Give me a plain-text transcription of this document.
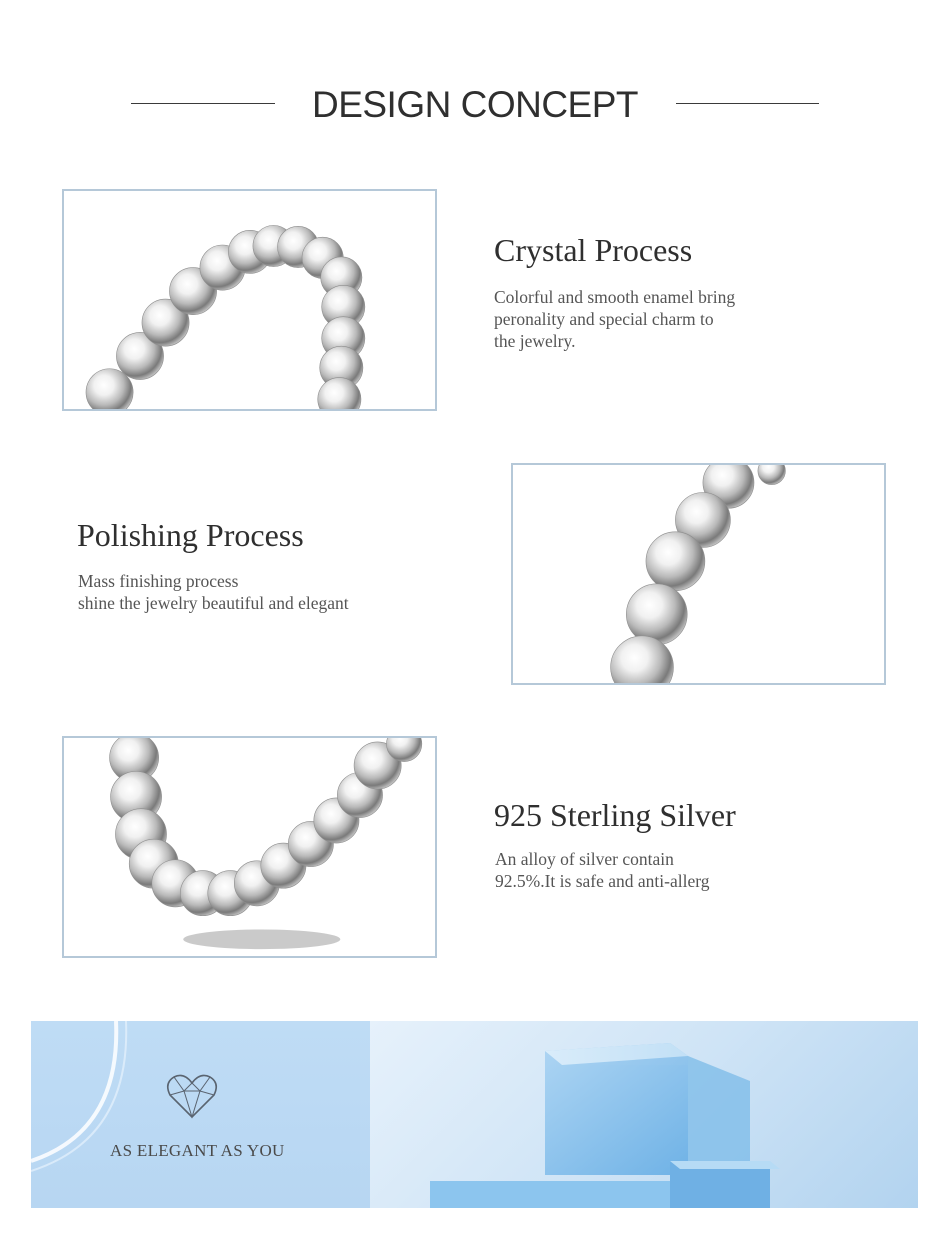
DESIGN CONCEPT
Crystal Process
Colorful and smooth enamel bring
peronality and special charm to
the jewelry.
Polishing Process
Mass finishing process
shine the jewelry beautiful and elegant
925 Sterling Silver
An alloy of silver contain
92.5%.It is safe and anti-allerg
AS ELEGANT AS YOU
